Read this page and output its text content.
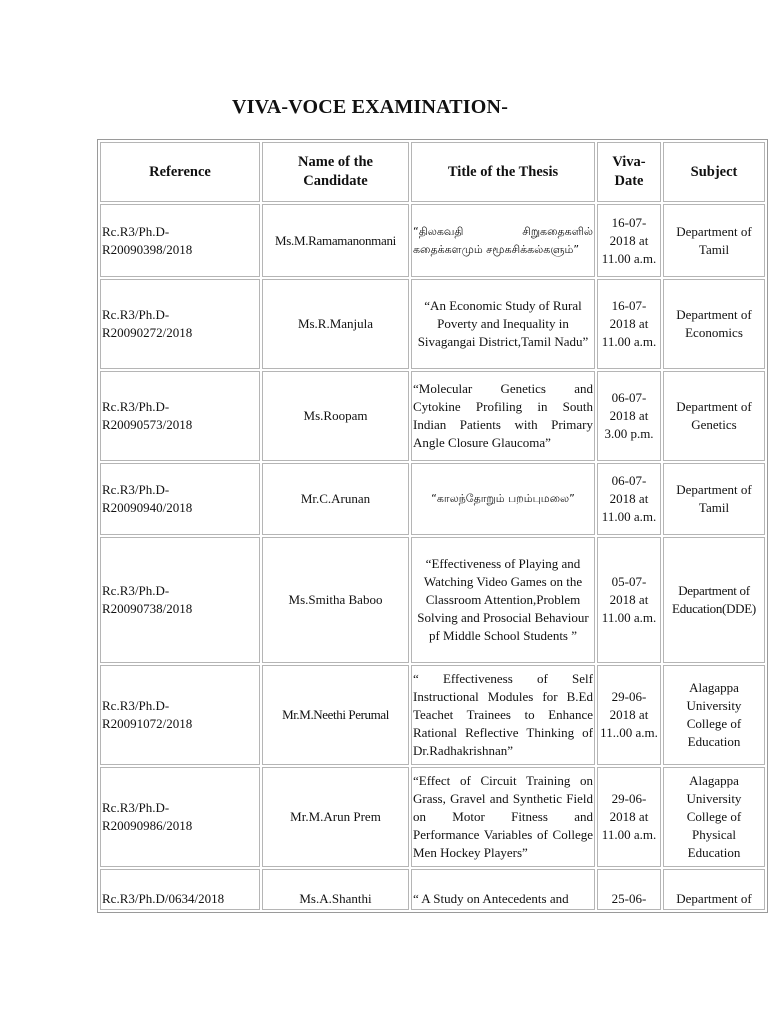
VIVA-VOCE EXAMINATION-
Reference	Name of the Candidate	Title of the Thesis	Viva-Date	Subject
Rc.R3/Ph.D-R20090398/2018	Ms.M.Ramamanonmani	“திலகவதி சிறுகதைகளில் கதைக்களமும் சமூகசிக்கல்களும்”	16-07-2018 at 11.00 a.m.	Department of Tamil
Rc.R3/Ph.D-R20090272/2018	Ms.R.Manjula	“An Economic Study of Rural Poverty and Inequality in Sivagangai District,Tamil Nadu”	16-07-2018 at 11.00 a.m.	Department of Economics
Rc.R3/Ph.D-R20090573/2018	Ms.Roopam	“Molecular Genetics and Cytokine Profiling in South Indian Patients with Primary Angle Closure Glaucoma”	06-07-2018 at 3.00 p.m.	Department of Genetics
Rc.R3/Ph.D-R20090940/2018	Mr.C.Arunan	“காலந்தோறும் பறம்புமலை”	06-07-2018 at 11.00 a.m.	Department of Tamil
Rc.R3/Ph.D-R20090738/2018	Ms.Smitha Baboo	“Effectiveness of Playing and Watching Video Games on the Classroom Attention,Problem Solving and Prosocial Behaviour pf Middle School Students ”	05-07-2018 at 11.00 a.m.	Department of Education(DDE)
Rc.R3/Ph.D-R20091072/2018	Mr.M.Neethi Perumal	“ Effectiveness of Self Instructional Modules for B.Ed Teachet Trainees to Enhance Rational Reflective Thinking of Dr.Radhakrishnan”	29-06-2018 at 11..00 a.m.	Alagappa University College of Education
Rc.R3/Ph.D-R20090986/2018	Mr.M.Arun Prem	“Effect of Circuit Training on Grass, Gravel and Synthetic Field on Motor Fitness and Performance Variables of College Men Hockey Players”	29-06-2018 at 11.00 a.m.	Alagappa University College of Physical Education
Rc.R3/Ph.D/0634/2018	Ms.A.Shanthi	“ A Study on Antecedents and	25-06-	Department of
